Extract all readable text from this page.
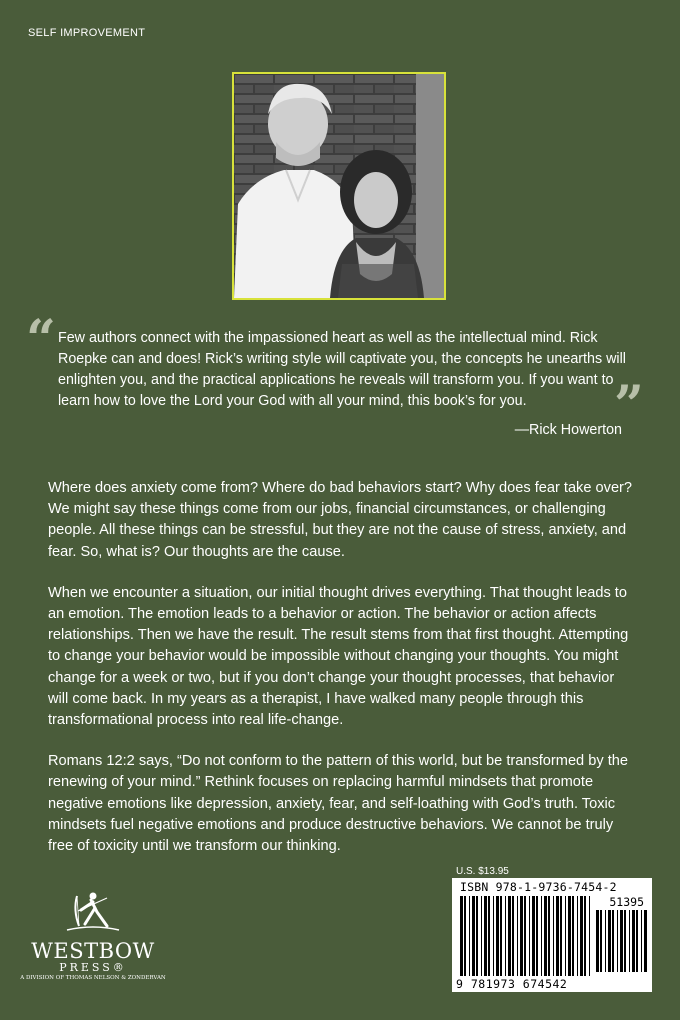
SELF IMPROVEMENT
“ Few authors connect with the impassioned heart as well as the intellectual mind. Rick Roepke can and does! Rick’s writing style will captivate you, the concepts he unearths will enlighten you, and the practical applications he reveals will transform you. If you want to learn how to love the Lord your God with all your mind, this book’s for you.	”
—Rick Howerton

Where does anxiety come from? Where do bad behaviors start? Why does fear take over? We might say these things come from our jobs, financial circumstances, or challenging people. All these things can be stressful, but they are not the cause of stress, anxiety, and fear. So, what is? Our thoughts are the cause.

When we encounter a situation, our initial thought drives everything. That thought leads to an emotion. The emotion leads to a behavior or action. The behavior or action affects relationships. Then we have the result. The result stems from that first thought. Attempting to change your behavior would be impossible without changing your thoughts. You might change for a week or two, but if you don’t change your thought processes, that behavior will come back. In my years as a therapist, I have walked many people through this transformational process into real life-change.

Romans 12:2 says, “Do not conform to the pattern of this world, but be transformed by the renewing of your mind.” Rethink focuses on replacing harmful mindsets that promote negative emotions like depression, anxiety, fear, and self-loathing with God’s truth. Toxic mindsets fuel negative emotions and produce destructive behaviors. We cannot be truly free of toxicity until we transform our thinking.

WESTBOW
PRESS®
A DIVISION OF THOMAS NELSON & ZONDERVAN
U.S. $13.95
ISBN 978-1-9736-7454-2
51395
9 781973 674542
